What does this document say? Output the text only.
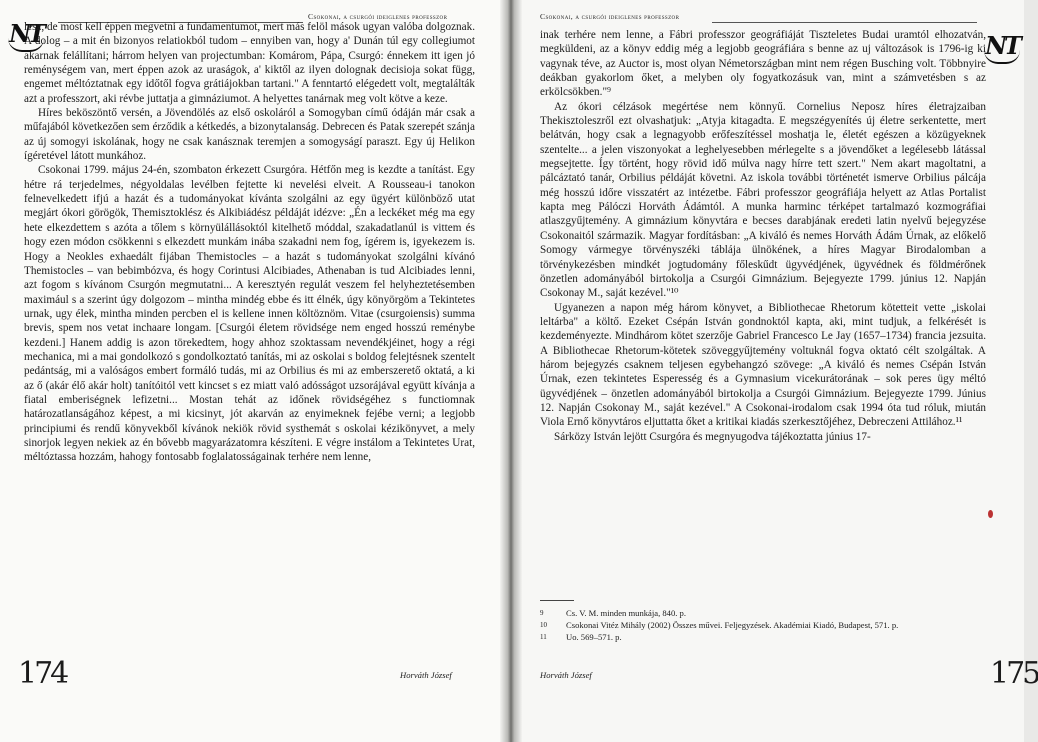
NT
Csokonai, a csurgói ideiglenes professzor

lesz, de most kell éppen megvetni a fundamentumot, mert más felöl mások ugyan valóba dolgoznak. A dolog – a mit én bizonyos relatiokból tudom – ennyiben van, hogy a' Dunán túl egy collegiumot akarnak felállítani; hárrom helyen van projectumban: Komárom, Pápa, Csurgó: énnekem itt igen jó reménységem van, mert éppen azok az uraságok, a' kiktől az ilyen dolognak decisioja sokat függ, engemet méltóztatnak egy időtől fogva grátiájokban tartani." A fenntartó elégedett volt, megtalálták azt a professzort, aki révbe juttatja a gimnáziumot. A helyettes tanárnak meg volt kötve a keze.

Híres beköszöntő versén, a Jövendölés az első oskoláról a Somogyban című ódáján már csak a műfajából következően sem érződik a kétkedés, a bizonytalanság. Debrecen és Patak szerepét szánja az új somogyi iskolának, hogy ne csak kanásznak teremjen a somogyságí paraszt. Egy új Helikon ígéretével látott munkához.

Csokonai 1799. május 24-én, szombaton érkezett Csurgóra. Hétfőn meg is kezdte a tanítást. Egy hétre rá terjedelmes, négyoldalas levélben fejtette ki nevelési elveit. A Rousseau-i tanokon felnevelkedett ifjú a hazát és a tudományokat kívánta szolgálni az egy ügyért különböző utat megjárt ókori görögök, Themisztoklész és Alkibiádész példáját idézve: „Én a leckéket még ma egy hete elkezdettem s azóta a tőlem s környülállásoktól kitelhető móddal, szakadatlanúl is vittem és hogy ezen módon csökkenni s elkezdett munkám inába szakadni nem fog, ígérem is, igyekezem is. Hogy a Neokles exhaedált fijában Themistocles – a hazát s tudományokat szolgálni kívánó Themistocles – van bebimbózva, és hogy Corintusi Alcibiades, Athenaban is tud Alcibiades lenni, azt fogom s kívánom Csurgón megmutatni... A keresztyén regulát veszem fel helyheztetésemben maximául s a szerint úgy dolgozom – mintha mindég ebbe és itt élnék, úgy könyörgöm a Tekintetes urnak, ugy élek, mintha minden percben el is kellene innen költöznöm. Vitae (csurgoiensis) summa brevis, spem nos vetat inchaare longam. [Csurgói életem rövidsége nem enged hosszú reménybe kezdeni.] Hanem addig is azon törekedtem, hogy ahhoz szoktassam nevendékjéinet, hogy a régi mechanica, mi a mai gondolkozó s gondolkoztató tanítás, mi az oskolai s boldog felejtésnek szentelt pedántság, mi a valóságos embert formáló tudás, mi az Orbilius és mi az emberszerető oktatá, a ki az ő (akár élő akár holt) tanítóitól vett kincset s ez miatt való adósságot uzsorájával együtt kívánja a fiatal emberiségnek lefizetni... Mostan tehát az időnek rövidségéhez s functiomnak határozatlanságához képest, a mi kicsinyt, jót akarván az enyimeknek fejébe verni; a legjobb principiumi és rendű könyvekből kívánok nekiök rövid systhemát s oskolai kézikönyvet, a mely sinorjok legyen nekiek az én bővebb magyarázatomra készíteni. E végre instálom a Tekintetes Urat, méltóztassa hozzám, hahogy fontosabb foglalatosságainak terhére nem lenne,

174	Horváth József
Csokonai, a csurgói ideiglenes professzor
NT

inak terhére nem lenne, a Fábri professzor geográfiáját Tiszteletes Budai uramtól elhozatván, megküldeni, az a könyv eddig még a legjobb geográfiára s benne az uj változások is 1796-ig ki vagynak téve, az Auctor is, most olyan Németországban mint nem régen Busching volt. Többnyire deákban gyakorlom őket, a melyben oly fogyatkozásuk van, mint a számvetésben s az erkölcsökben."⁹

Az ókori célzások megértése nem könnyű. Cornelius Neposz híres életrajzaiban Thekisztoleszről ezt olvashatjuk: „Atyja kitagadta. E megszégyenítés új életre serkentette, mert belátván, hogy csak a legnagyobb erőfeszítéssel moshatja le, életét egészen a közügyeknek szentelte... a jelen viszonyokat a leghelyesebben mérlegelte s a jövendőket a legélesebb látással megsejtette. Így történt, hogy rövid idő múlva nagy hírre tett szert." Nem akart magoltatni, a pálcáztató tanár, Orbilius példáját követni. Az iskola további történetét ismerve Orbilius pálcája még hosszú időre visszatért az intézetbe. Fábri professzor geográfiája helyett az Atlas Portalist kapta meg Pálóczi Horváth Ádámtól. A munka harminc térképet tartalmazó kozmográfiai atlaszgyűjtemény. A gimnázium könyvtára e becses darabjának eredeti latin nyelvű bejegyzése Csokonaitól származik. Magyar fordításban: „A kiváló és nemes Horváth Ádám Úrnak, az előkelő Somogy vármegye törvényszéki táblája ülnökének, a híres Magyar Birodalomban a törvénykezésben mindkét jogtudomány főleskűdt ügyvédjének, ügyvédnek és földmérőnek önzetlen adományából birtokolja a Csurgói Gimnázium. Bejegyezte 1799. június 12. Napján Csokonay M., saját kezével."¹⁰

Ugyanezen a napon még három könyvet, a Bibliothecae Rhetorum kötetteit vette „iskolai leltárba" a költő. Ezeket Csépán István gondnoktól kapta, aki, mint tudjuk, a felkérését is kezdeményezte. Mindhárom kötet szerzője Gabriel Francesco Le Jay (1657–1734) francia jezsuita. A Bibliothecae Rhetorum-kötetek szöveggyűjtemény voltuknál fogva oktató célt szolgáltak. A három bejegyzés csaknem teljesen egybehangzó szövege: „A kiváló és nemes Csépán István Úrnak, ezen tekintetes Esperesség és a Gymnasium vicekurátorának – sok peres ügy méltó ügyvédjének – önzetlen adományából birtokolja a Csurgói Gimnázium. Bejegyezte 1799. Június 12. Napján Csokonay M., saját kezével." A Csokonai-irodalom csak 1994 óta tud róluk, miután Viola Ernő könyvtáros eljuttatta őket a kritikai kiadás szerkesztőjéhez, Debreczeni Attilához.¹¹

Sárközy István lejött Csurgóra és megnyugodva tájékoztatta június 17-

9	Cs. V. M. minden munkája, 840. p.
10	Csokonai Vitéz Mihály (2002) Összes művei. Feljegyzések. Akadémiai Kiadó, Budapest, 571. p.
11	Uo. 569–571. p.
Horváth József	175
